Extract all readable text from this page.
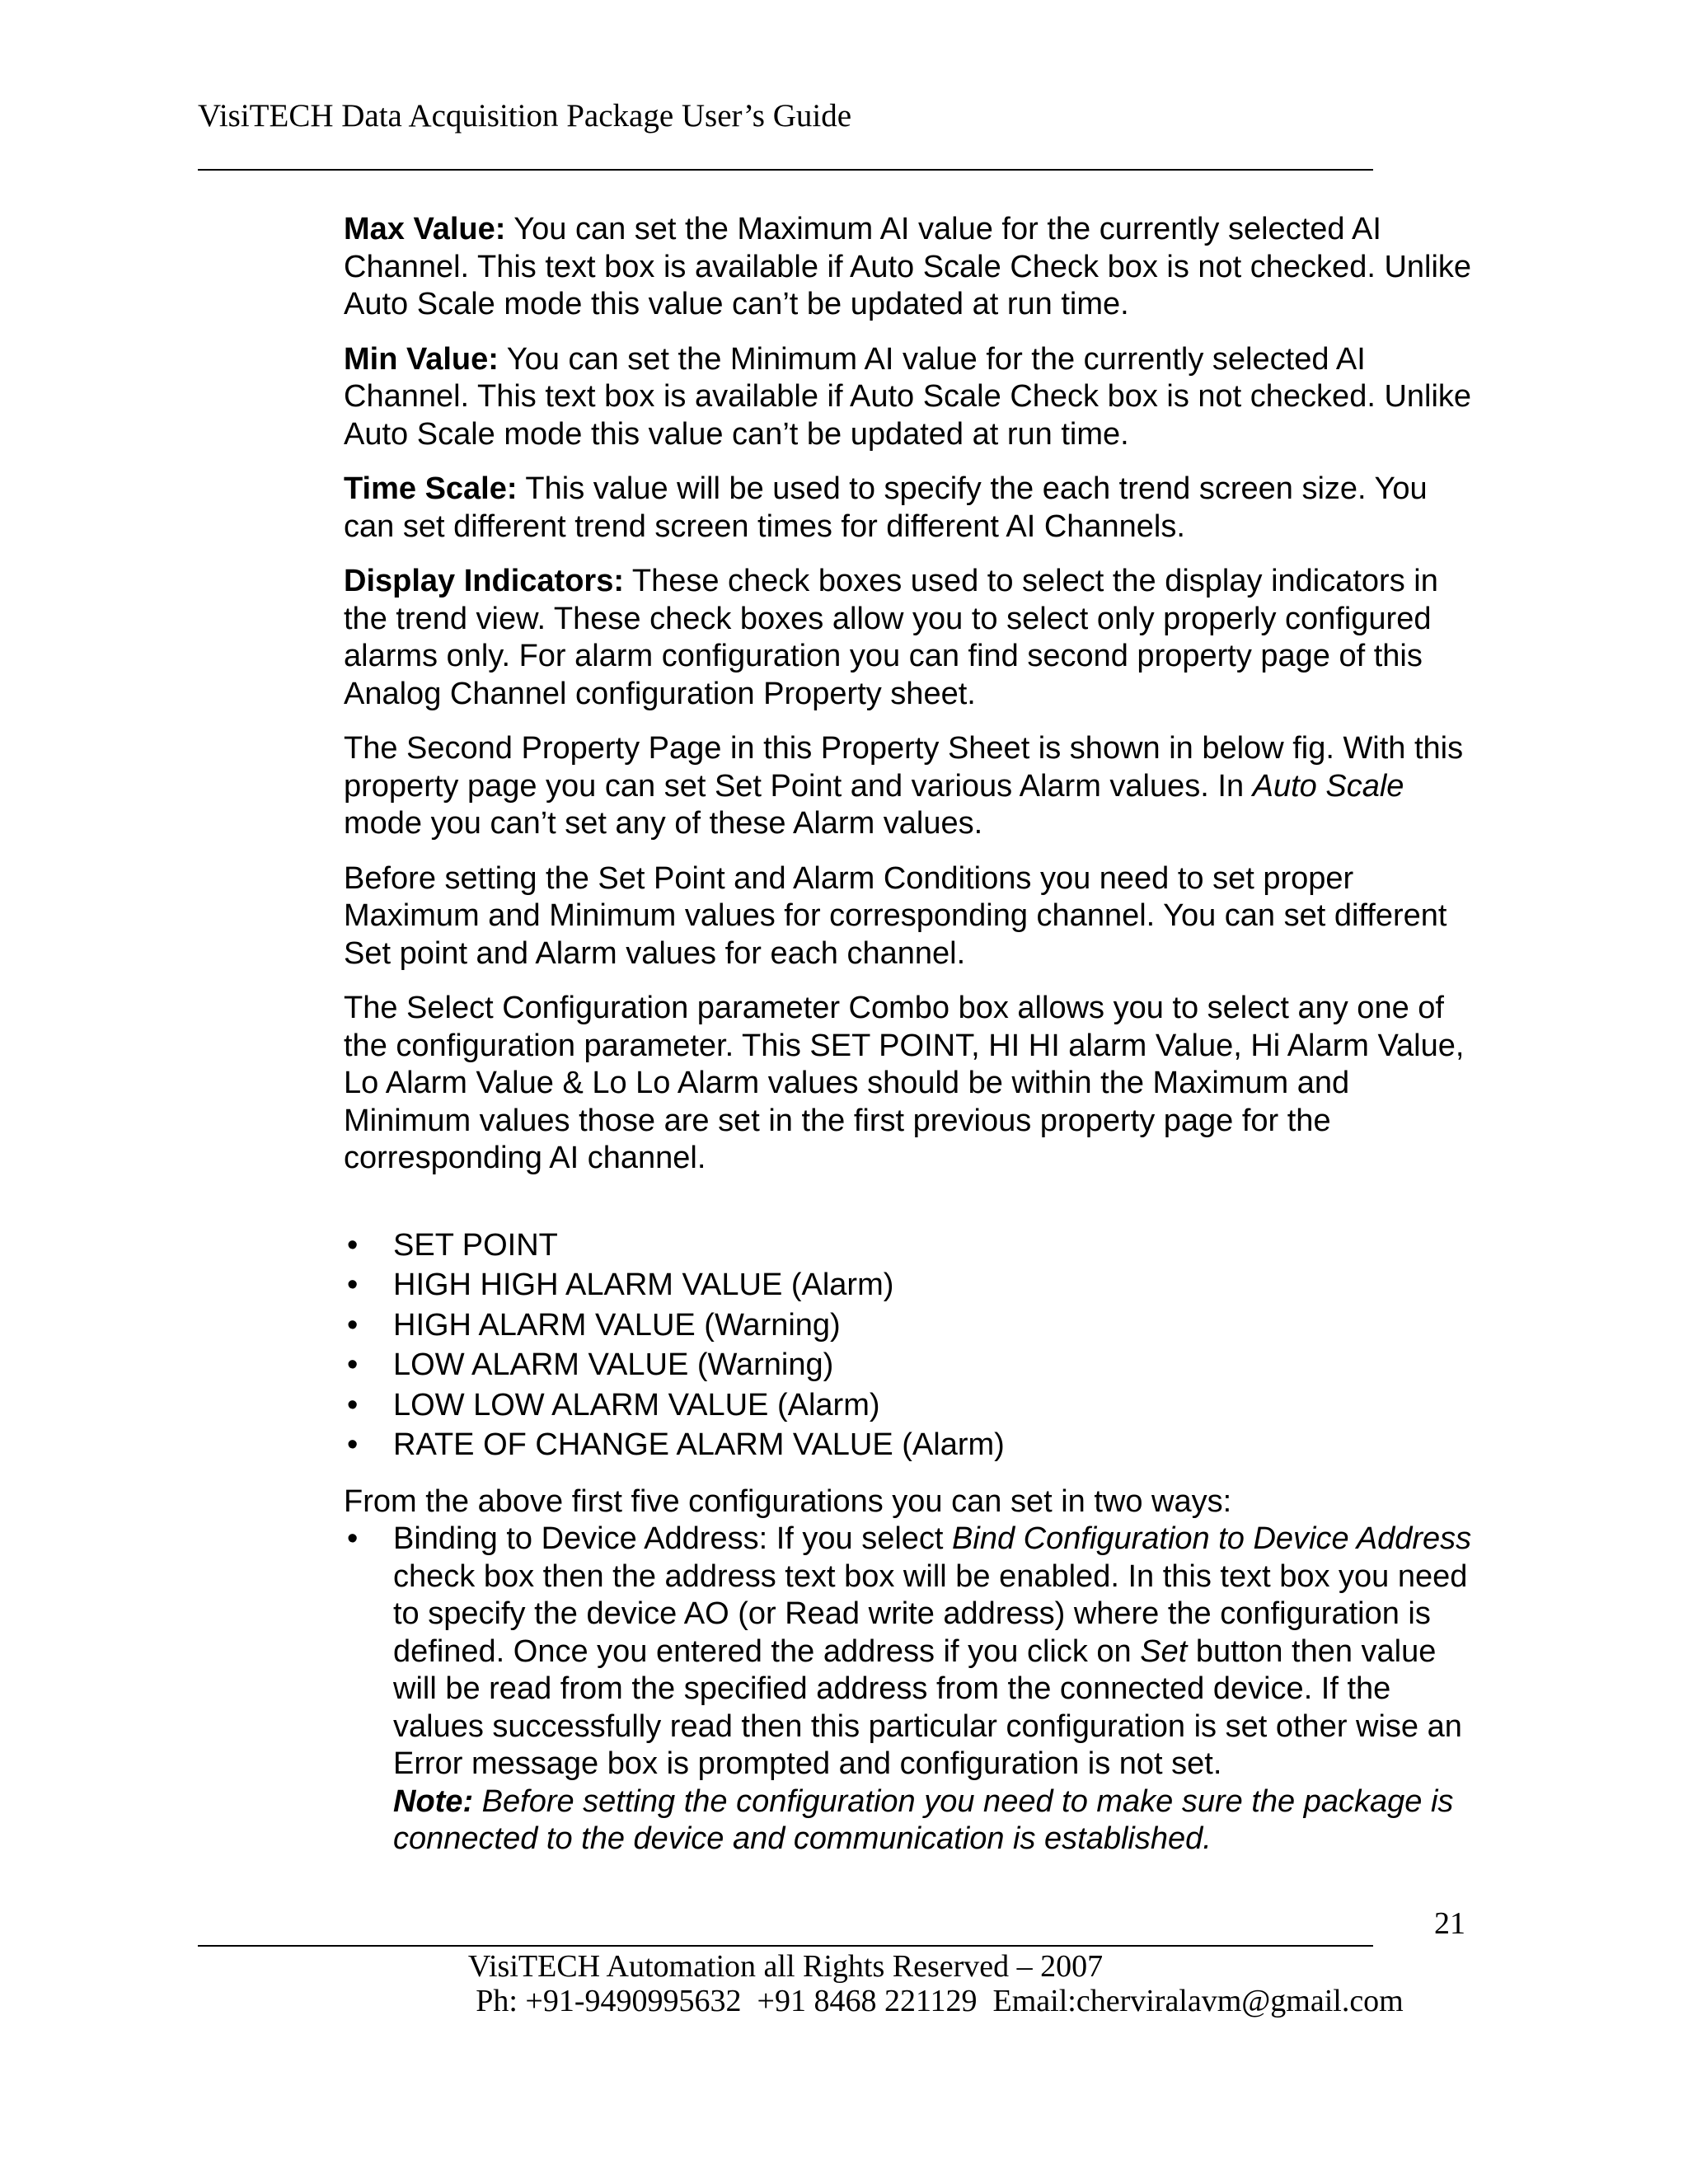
VisiTECH Data Acquisition Package User’s Guide

Max Value: You can set the Maximum AI value for the currently selected AI Channel. This text box is available if Auto Scale Check box is not checked. Unlike Auto Scale mode this value can’t be updated at run time.

Min Value: You can set the Minimum AI value for the currently selected AI Channel. This text box is available if Auto Scale Check box is not checked. Unlike Auto Scale mode this value can’t be updated at run time.

Time Scale: This value will be used to specify the each trend screen size. You can set different trend screen times for different AI Channels.

Display Indicators: These check boxes used to select the display indicators in the trend view. These check boxes allow you to select only properly configured alarms only. For alarm configuration you can find second property page of this Analog Channel configuration Property sheet.

The Second Property Page in this Property Sheet is shown in below fig. With this property page you can set Set Point and various Alarm values. In Auto Scale mode you can’t set any of these Alarm values.

Before setting the Set Point and Alarm Conditions you need to set proper Maximum and Minimum values for corresponding channel. You can set different Set point and Alarm values for each channel.

The Select Configuration parameter Combo box allows you to select any one of the configuration parameter. This SET POINT, HI HI alarm Value, Hi Alarm Value, Lo Alarm Value & Lo Lo Alarm values should be within the Maximum and Minimum values those are set in the first previous property page for the corresponding AI channel.

• SET POINT
• HIGH HIGH ALARM VALUE (Alarm)
• HIGH ALARM VALUE (Warning)
• LOW ALARM VALUE (Warning)
• LOW LOW ALARM VALUE (Alarm)
• RATE OF CHANGE ALARM VALUE (Alarm)

From the above first five configurations you can set in two ways:

• Binding to Device Address: If you select Bind Configuration to Device Address check box then the address text box will be enabled. In this text box you need to specify the device AO (or Read write address) where the configuration is defined. Once you entered the address if you click on Set button then value will be read from the specified address from the connected device. If the values successfully read then this particular configuration is set other wise an Error message box is prompted and configuration is not set.
Note: Before setting the configuration you need to make sure the package is connected to the device and communication is established.
21
VisiTECH Automation all Rights Reserved – 2007
Ph: +91-9490995632  +91 8468 221129  Email:cherviralavm@gmail.com
